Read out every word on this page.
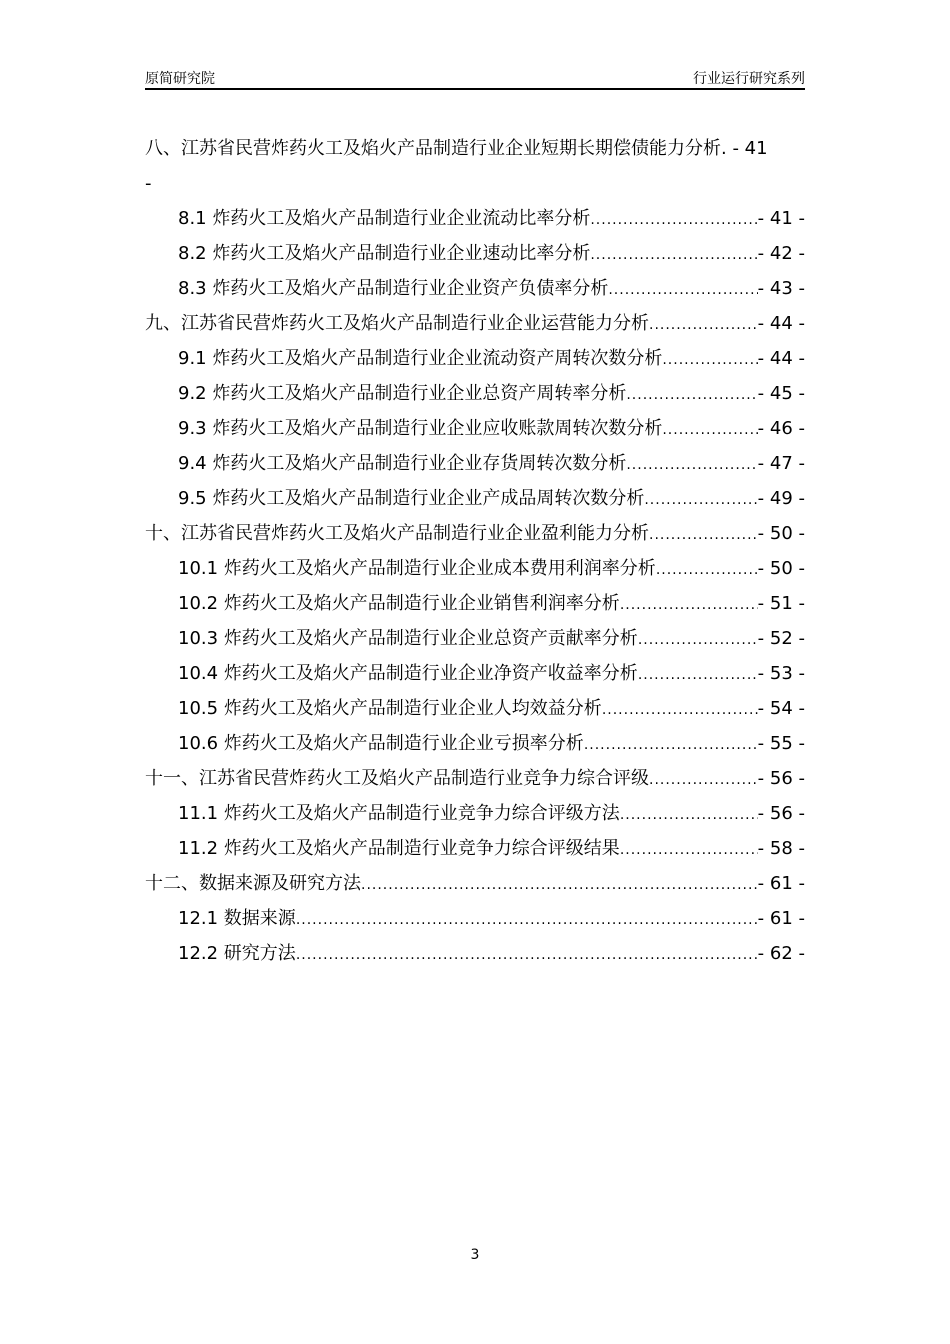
原简研究院	行业运行研究系列
八、江苏省民营炸药火工及焰火产品制造行业企业短期长期偿债能力分析. - 41
-
8.1 炸药火工及焰火产品制造行业企业流动比率分析 .....	- 41 -
8.2 炸药火工及焰火产品制造行业企业速动比率分析 .....	- 42 -
8.3 炸药火工及焰火产品制造行业企业资产负债率分析 .....	- 43 -
九、江苏省民营炸药火工及焰火产品制造行业企业运营能力分析 .....	- 44 -
9.1 炸药火工及焰火产品制造行业企业流动资产周转次数分析 .....	- 44 -
9.2 炸药火工及焰火产品制造行业企业总资产周转率分析 .....	- 45 -
9.3 炸药火工及焰火产品制造行业企业应收账款周转次数分析 .....	- 46 -
9.4 炸药火工及焰火产品制造行业企业存货周转次数分析 .....	- 47 -
9.5 炸药火工及焰火产品制造行业企业产成品周转次数分析 .....	- 49 -
十、江苏省民营炸药火工及焰火产品制造行业企业盈利能力分析 .....	- 50 -
10.1 炸药火工及焰火产品制造行业企业成本费用利润率分析 .....	- 50 -
10.2 炸药火工及焰火产品制造行业企业销售利润率分析 .....	- 51 -
10.3 炸药火工及焰火产品制造行业企业总资产贡献率分析 .....	- 52 -
10.4 炸药火工及焰火产品制造行业企业净资产收益率分析 .....	- 53 -
10.5 炸药火工及焰火产品制造行业企业人均效益分析 .....	- 54 -
10.6 炸药火工及焰火产品制造行业企业亏损率分析 .....	- 55 -
十一、江苏省民营炸药火工及焰火产品制造行业竞争力综合评级 .....	- 56 -
11.1 炸药火工及焰火产品制造行业竞争力综合评级方法 .....	- 56 -
11.2 炸药火工及焰火产品制造行业竞争力综合评级结果 .....	- 58 -
十二、数据来源及研究方法 .....	- 61 -
12.1 数据来源 .....	- 61 -
12.2 研究方法 .....	- 62 -
3
